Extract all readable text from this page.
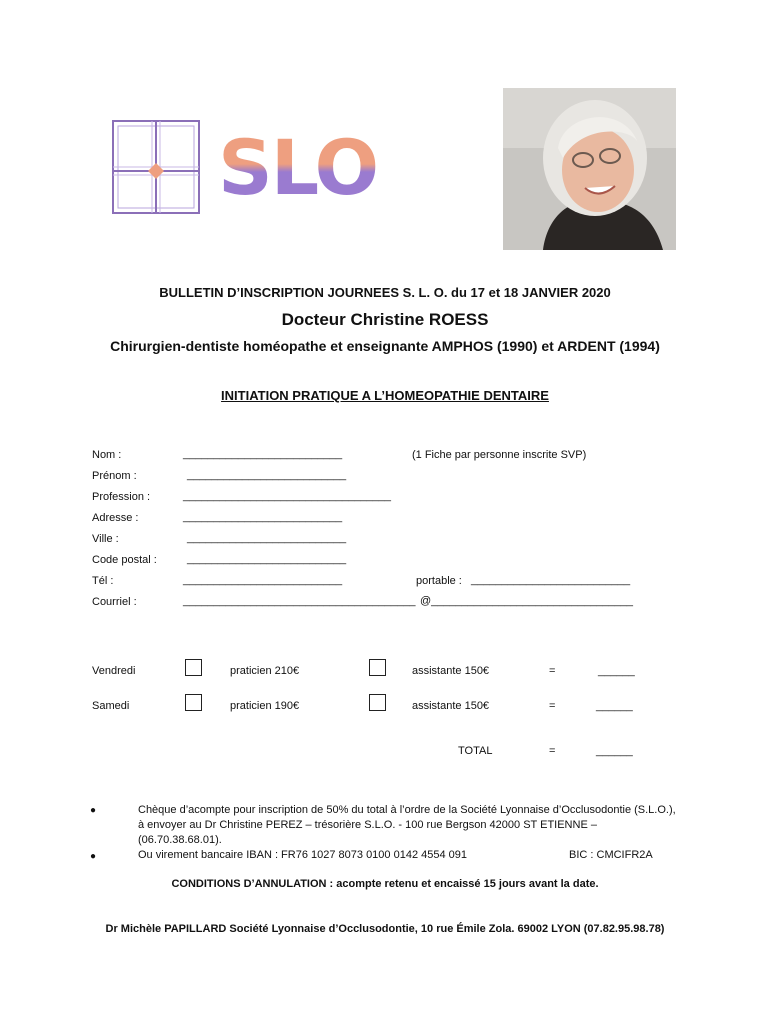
SLO
BULLETIN D’INSCRIPTION JOURNEES S. L. O. du 17 et 18 JANVIER 2020
Docteur Christine ROESS
Chirurgien-dentiste homéopathe et enseignante AMPHOS (1990) et ARDENT (1994)
INITIATION PRATIQUE A L’HOMEOPATHIE DENTAIRE
Nom :	__________________________	(1 Fiche par personne inscrite SVP)
Prénom :	__________________________
Profession :	__________________________________
Adresse :	__________________________
Ville :	__________________________
Code postal :	__________________________
Tél :	__________________________	portable : __________________________
Courriel :	______________________________________ @_________________________________
Vendredi	praticien 210€	assistante 150€	=	______
Samedi	praticien 190€	assistante 150€	=	______
TOTAL	=	______
●	Chèque d’acompte pour inscription de 50% du total à l’ordre de la Société Lyonnaise d’Occlusodontie (S.L.O.), à envoyer au Dr Christine PEREZ – trésorière S.L.O. - 100 rue Bergson 42000 ST ETIENNE – (06.70.38.68.01).
●	Ou virement bancaire IBAN : FR76 1027 8073 0100 0142 4554 091	BIC : CMCIFR2A
CONDITIONS D’ANNULATION : acompte retenu et encaissé 15 jours avant la date.
Dr Michèle PAPILLARD Société Lyonnaise d’Occlusodontie, 10 rue Émile Zola. 69002 LYON (07.82.95.98.78)
